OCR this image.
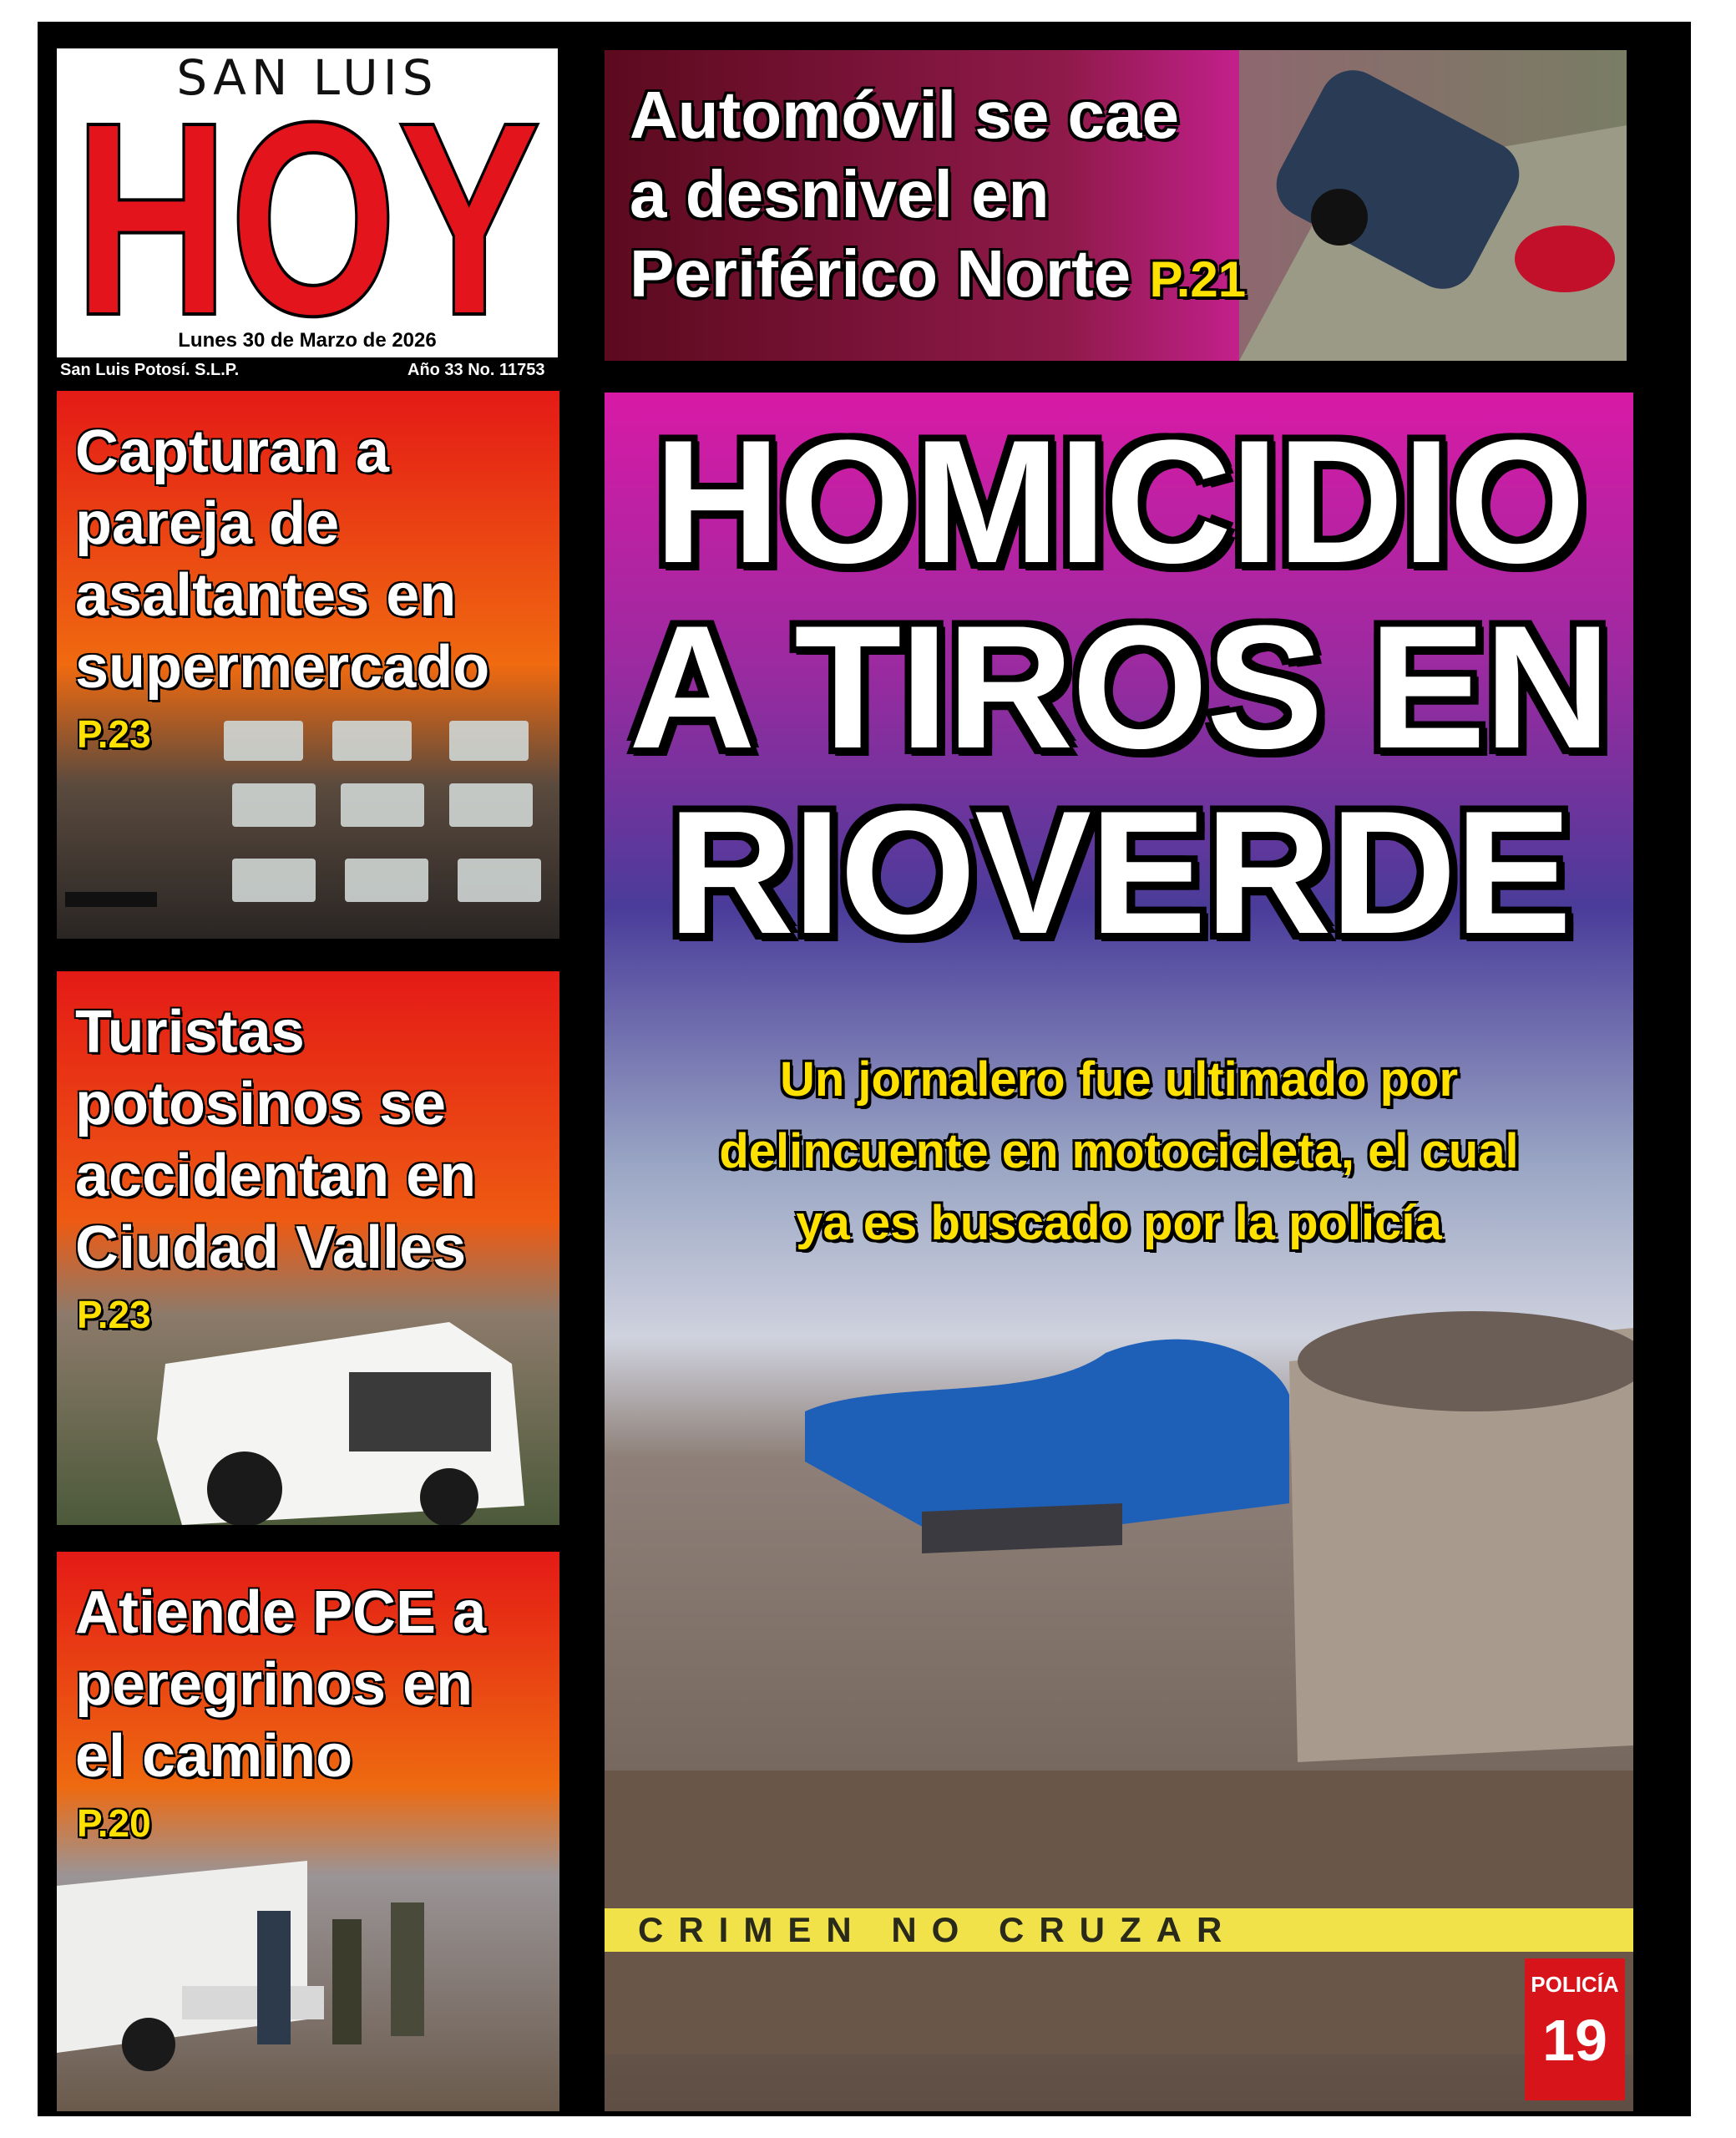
SAN LUIS
HOY
Lunes 30 de Marzo de 2026
San Luis Potosí. S.L.P.	Año 33 No. 11753
Automóvil se cae
a desnivel en
Periférico Norte P.21
Capturan a
pareja de
asaltantes en
supermercado
P.23
Turistas
potosinos se
accidentan en
Ciudad Valles
P.23
Atiende PCE a
peregrinos en
el camino
P.20
CRIMEN NO CRUZAR
HOMICIDIO
A TIROS EN
RIOVERDE

Un jornalero fue ultimado por
delincuente en motocicleta, el cual
ya es buscado por la policía

POLICÍA
19
